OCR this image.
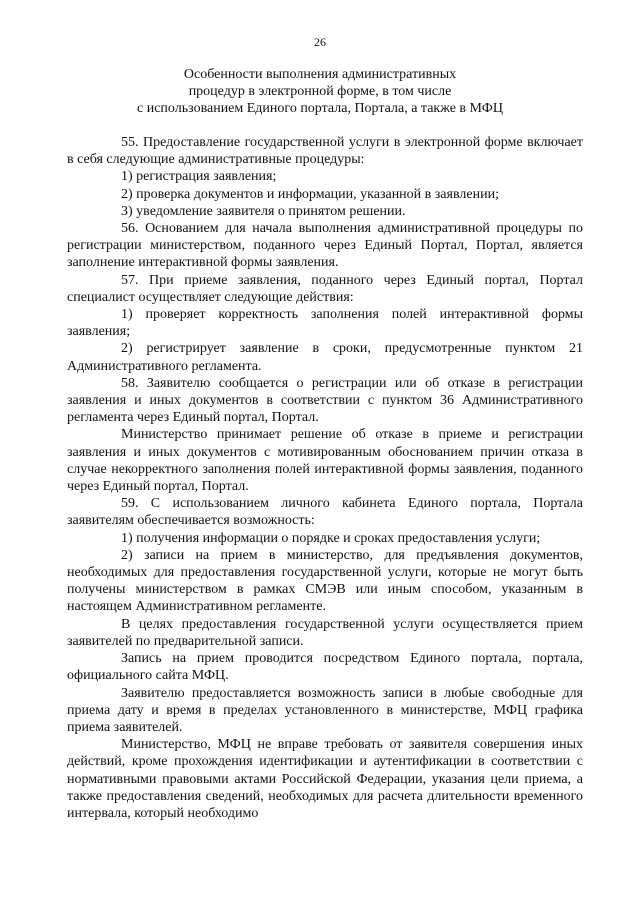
26
Особенности выполнения административных
процедур в электронной форме, в том числе
с использованием Единого портала, Портала, а также в МФЦ

55. Предоставление государственной услуги в электронной форме включает в себя следующие административные процедуры:

1) регистрация заявления;

2) проверка документов и информации, указанной в заявлении;

3) уведомление заявителя о принятом решении.

56. Основанием для начала выполнения административной процедуры по регистрации министерством, поданного через Единый Портал, Портал, является заполнение интерактивной формы заявления.

57. При приеме заявления, поданного через Единый портал, Портал специалист осуществляет следующие действия:

1) проверяет корректность заполнения полей интерактивной формы заявления;

2) регистрирует заявление в сроки, предусмотренные пунктом 21 Административного регламента.

58. Заявителю сообщается о регистрации или об отказе в регистрации заявления и иных документов в соответствии с пунктом 36 Административного регламента через Единый портал, Портал.

Министерство принимает решение об отказе в приеме и регистрации заявления и иных документов с мотивированным обоснованием причин отказа в случае некорректного заполнения полей интерактивной формы заявления, поданного через Единый портал, Портал.

59. С использованием личного кабинета Единого портала, Портала заявителям обеспечивается возможность:

1) получения информации о порядке и сроках предоставления услуги;

2) записи на прием в министерство, для предъявления документов, необходимых для предоставления государственной услуги, которые не могут быть получены министерством в рамках СМЭВ или иным способом, указанным в настоящем Административном регламенте.

В целях предоставления государственной услуги осуществляется прием заявителей по предварительной записи.

Запись на прием проводится посредством Единого портала, портала, официального сайта МФЦ.

Заявителю предоставляется возможность записи в любые свободные для приема дату и время в пределах установленного в министерстве, МФЦ графика приема заявителей.

Министерство, МФЦ не вправе требовать от заявителя совершения иных действий, кроме прохождения идентификации и аутентификации в соответствии с нормативными правовыми актами Российской Федерации, указания цели приема, а также предоставления сведений, необходимых для расчета длительности временного интервала, который необходимо
